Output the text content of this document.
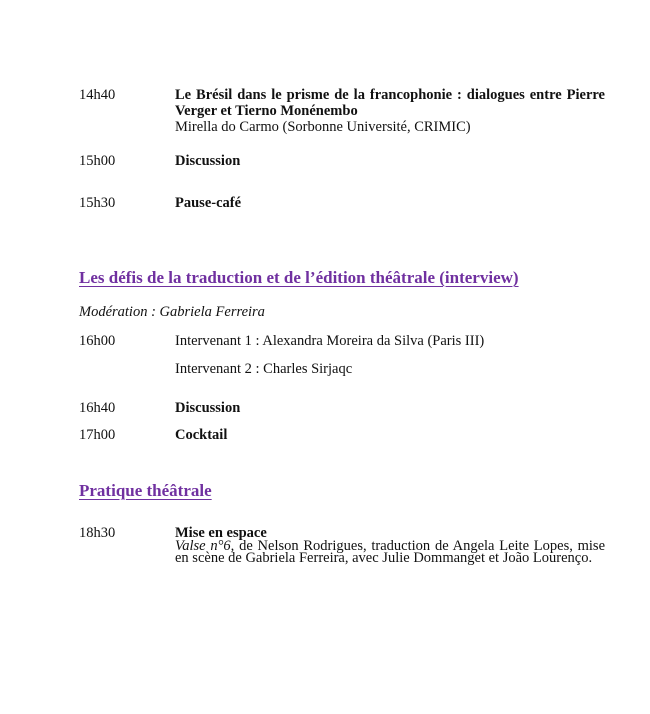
14h40	Le Brésil dans le prisme de la francophonie : dialogues entre Pierre Verger et Tierno Monénembo
Mirella do Carmo (Sorbonne Université, CRIMIC)
15h00	Discussion
15h30	Pause-café
Les défis de la traduction et de l’édition théâtrale (interview)
Modération : Gabriela Ferreira
16h00	Intervenant 1 : Alexandra Moreira da Silva (Paris III)
Intervenant 2 : Charles Sirjaqc
16h40	Discussion
17h00	Cocktail
Pratique théâtrale
18h30	Mise en espace
Valse n°6, de Nelson Rodrigues, traduction de Angela Leite Lopes, mise en scène de Gabriela Ferreira, avec Julie Dommanget et João Lourenço.
